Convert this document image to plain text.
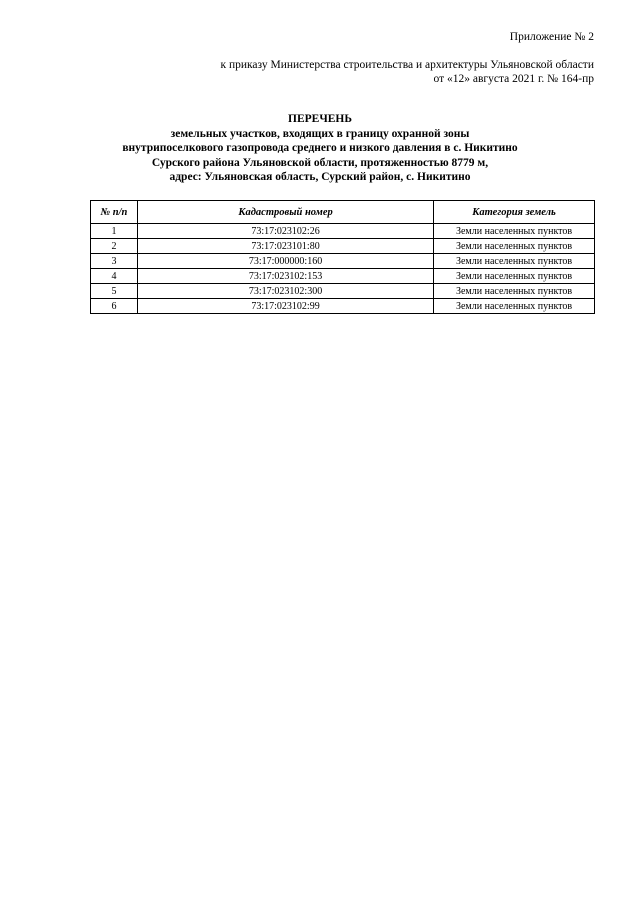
Приложение № 2
к приказу Министерства строительства и архитектуры Ульяновской области
от «12» августа 2021 г. № 164-пр
ПЕРЕЧЕНЬ
земельных участков, входящих в границу охранной зоны
внутрипоселкового газопровода среднего и низкого давления в с. Никитино
Сурского района Ульяновской области, протяженностью 8779 м,
адрес: Ульяновская область, Сурский район, с. Никитино
№ п/п	Кадастровый номер	Категория земель
1	73:17:023102:26	Земли населенных пунктов
2	73:17:023101:80	Земли населенных пунктов
3	73:17:000000:160	Земли населенных пунктов
4	73:17:023102:153	Земли населенных пунктов
5	73:17:023102:300	Земли населенных пунктов
6	73:17:023102:99	Земли населенных пунктов
